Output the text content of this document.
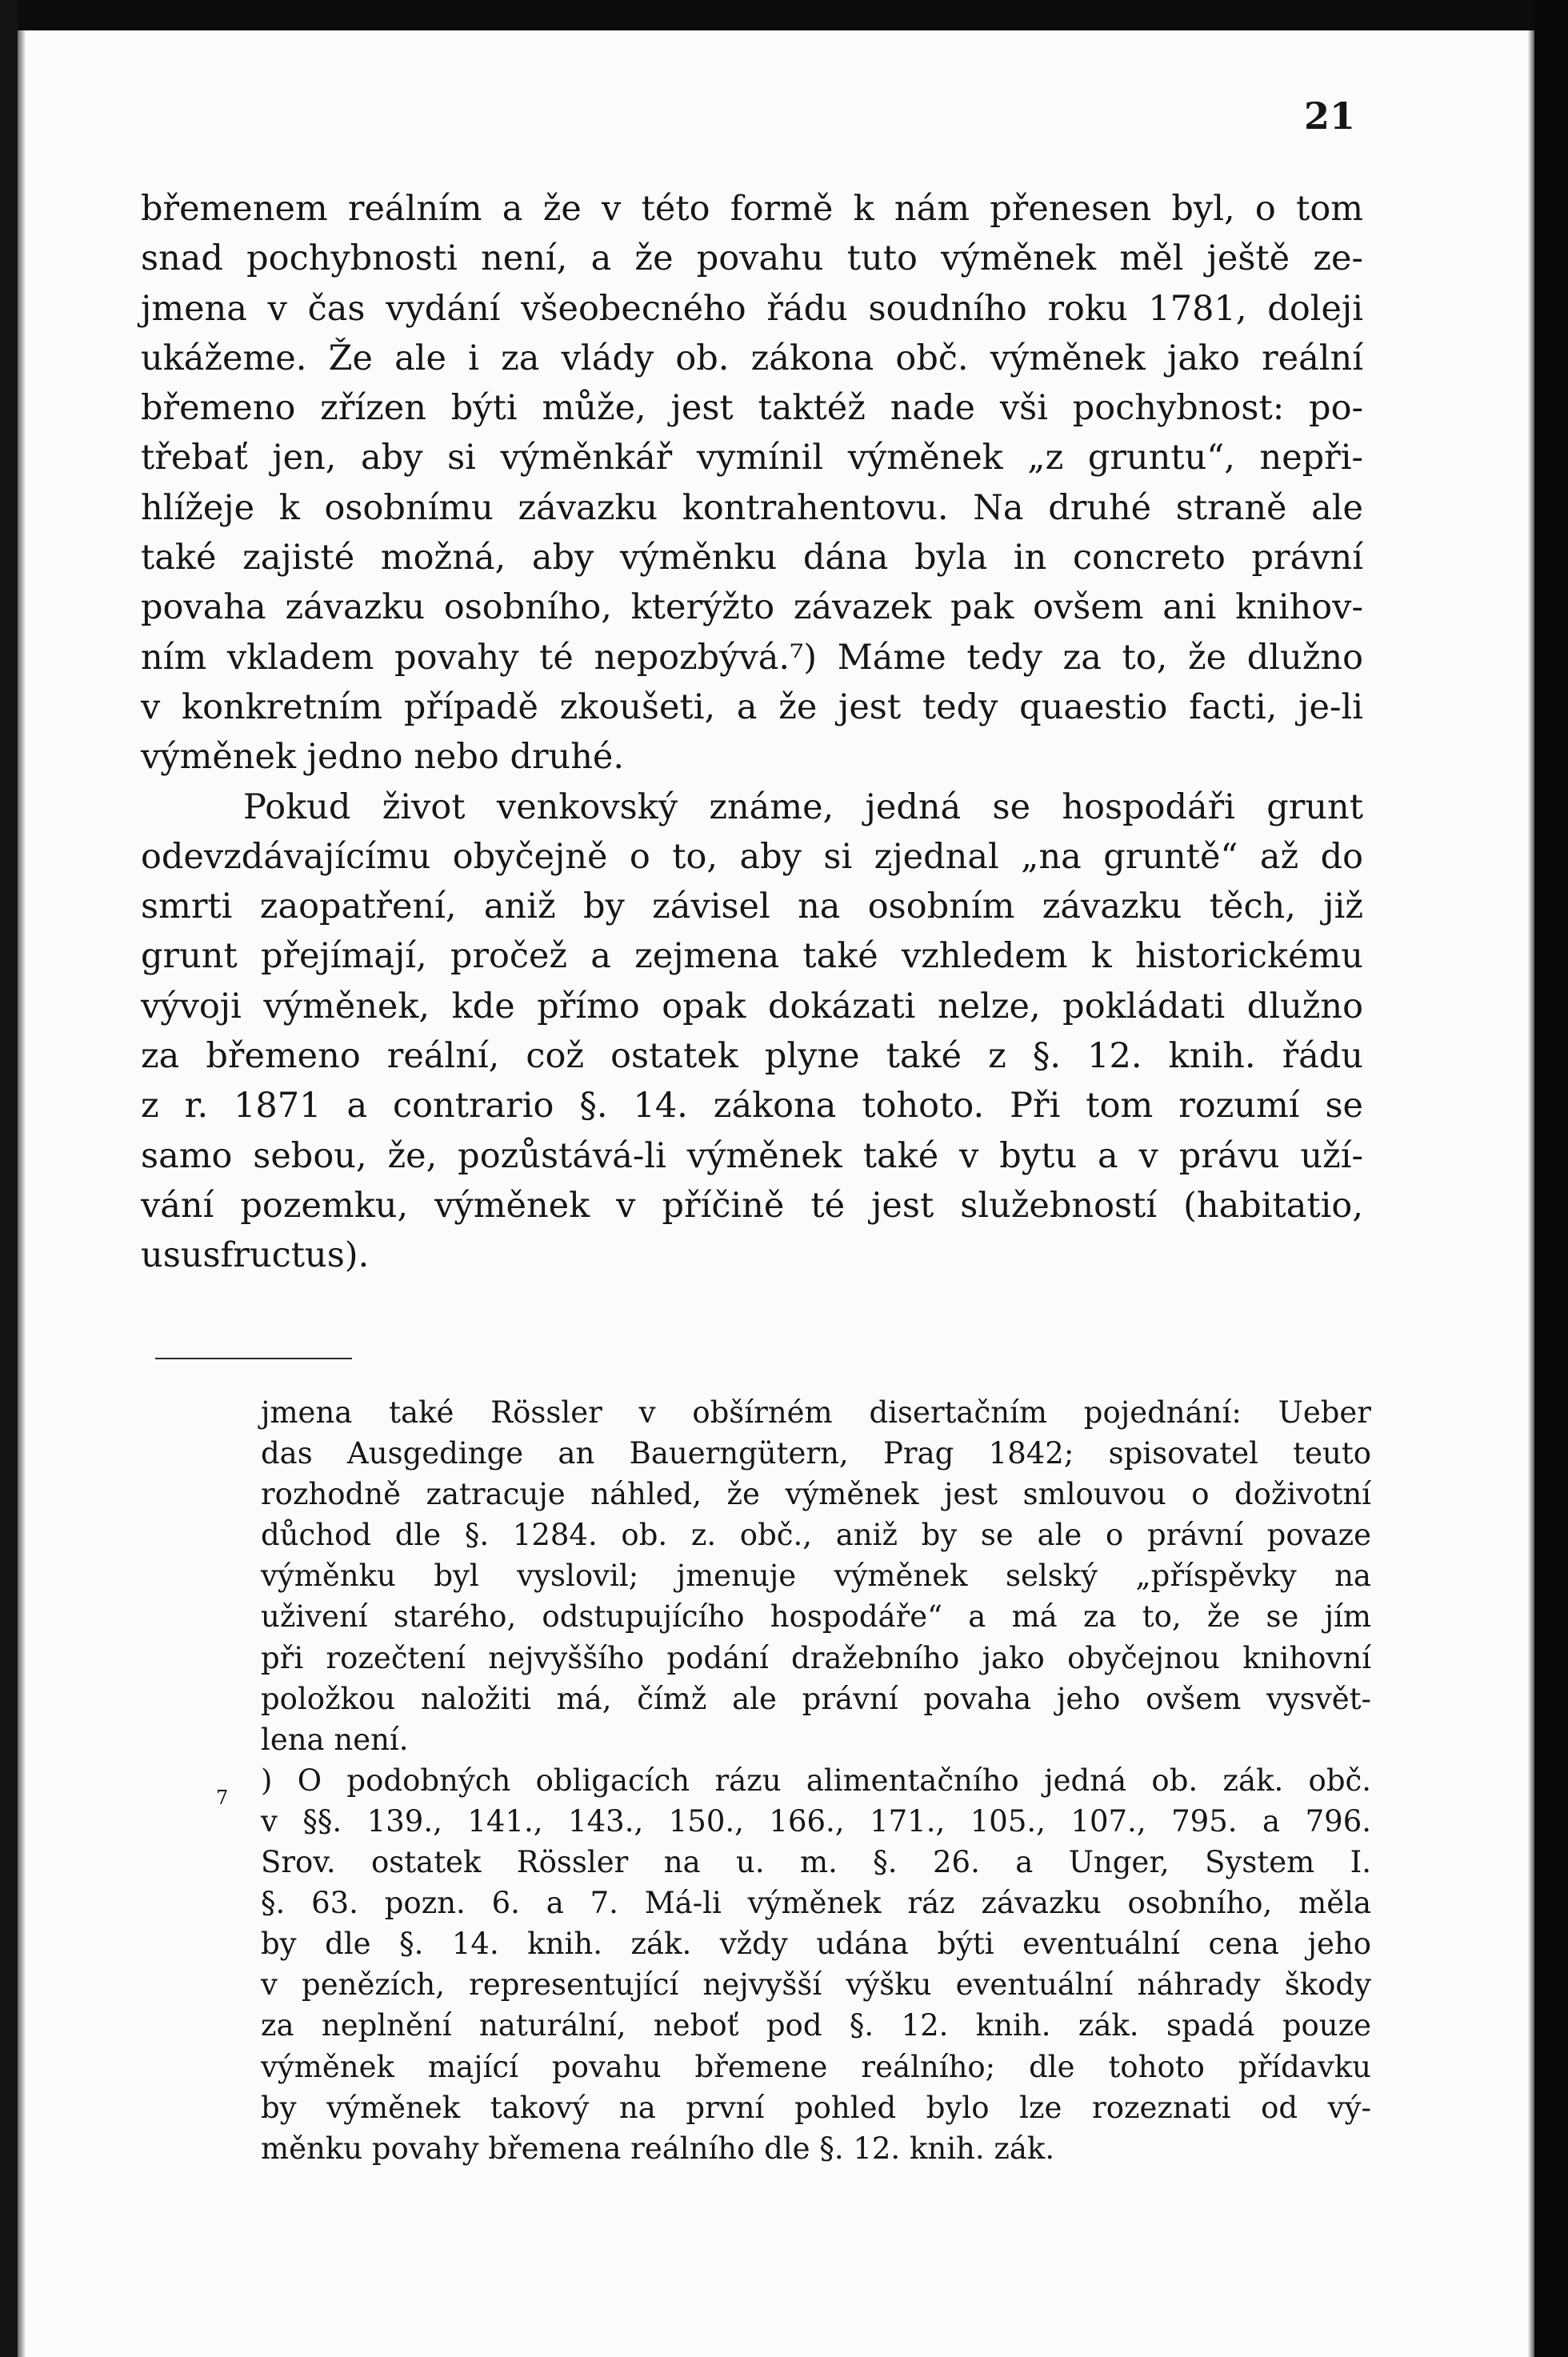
21
břemenem reálním a že v této formě k nám přenesen byl, o tom
snad pochybnosti není, a že povahu tuto výměnek měl ještě ze-
jmena v čas vydání všeobecného řádu soudního roku 1781, doleji
ukážeme. Že ale i za vlády ob. zákona obč. výměnek jako reální
břemeno zřízen býti může, jest taktéž nade vši pochybnost: po-
třebať jen, aby si výměnkář vymínil výměnek „z gruntu“, nepři-
hlížeje k osobnímu závazku kontrahentovu. Na druhé straně ale
také zajisté možná, aby výměnku dána byla in concreto právní
povaha závazku osobního, kterýžto závazek pak ovšem ani knihov-
ním vkladem povahy té nepozbývá.⁷) Máme tedy za to, že dlužno
v konkretním případě zkoušeti, a že jest tedy quaestio facti, je-li
výměnek jedno nebo druhé.
Pokud život venkovský známe, jedná se hospodáři grunt
odevzdávajícímu obyčejně o to, aby si zjednal „na gruntě“ až do
smrti zaopatření, aniž by závisel na osobním závazku těch, již
grunt přejímají, pročež a zejmena také vzhledem k historickému
vývoji výměnek, kde přímo opak dokázati nelze, pokládati dlužno
za břemeno reální, což ostatek plyne také z §. 12. knih. řádu
z r. 1871 a contrario §. 14. zákona tohoto. Při tom rozumí se
samo sebou, že, pozůstává-li výměnek také v bytu a v právu uží-
vání pozemku, výměnek v příčině té jest služebností (habitatio,
ususfructus).
$^7$
jmena také Rössler v obšírném disertačním pojednání: Ueber
das Ausgedinge an Bauerngütern, Prag 1842; spisovatel teuto
rozhodně zatracuje náhled, že výměnek jest smlouvou o doživotní
důchod dle §. 1284. ob. z. obč., aniž by se ale o právní povaze
výměnku byl vyslovil; jmenuje výměnek selský „příspěvky na
uživení starého, odstupujícího hospodáře“ a má za to, že se jím
při rozečtení nejvyššího podání dražebního jako obyčejnou knihovní
položkou naložiti má, čímž ale právní povaha jeho ovšem vysvět-
lena není.
) O podobných obligacích rázu alimentačního jedná ob. zák. obč.
v §§. 139., 141., 143., 150., 166., 171., 105., 107., 795. a 796.
Srov. ostatek Rössler na u. m. §. 26. a Unger, System I.
§. 63. pozn. 6. a 7. Má-li výměnek ráz závazku osobního, měla
by dle §. 14. knih. zák. vždy udána býti eventuální cena jeho
v penězích, representující nejvyšší výšku eventuální náhrady škody
za neplnění naturální, neboť pod §. 12. knih. zák. spadá pouze
výměnek mající povahu břemene reálního; dle tohoto přídavku
by výměnek takový na první pohled bylo lze rozeznati od vý-
měnku povahy břemena reálního dle §. 12. knih. zák.
